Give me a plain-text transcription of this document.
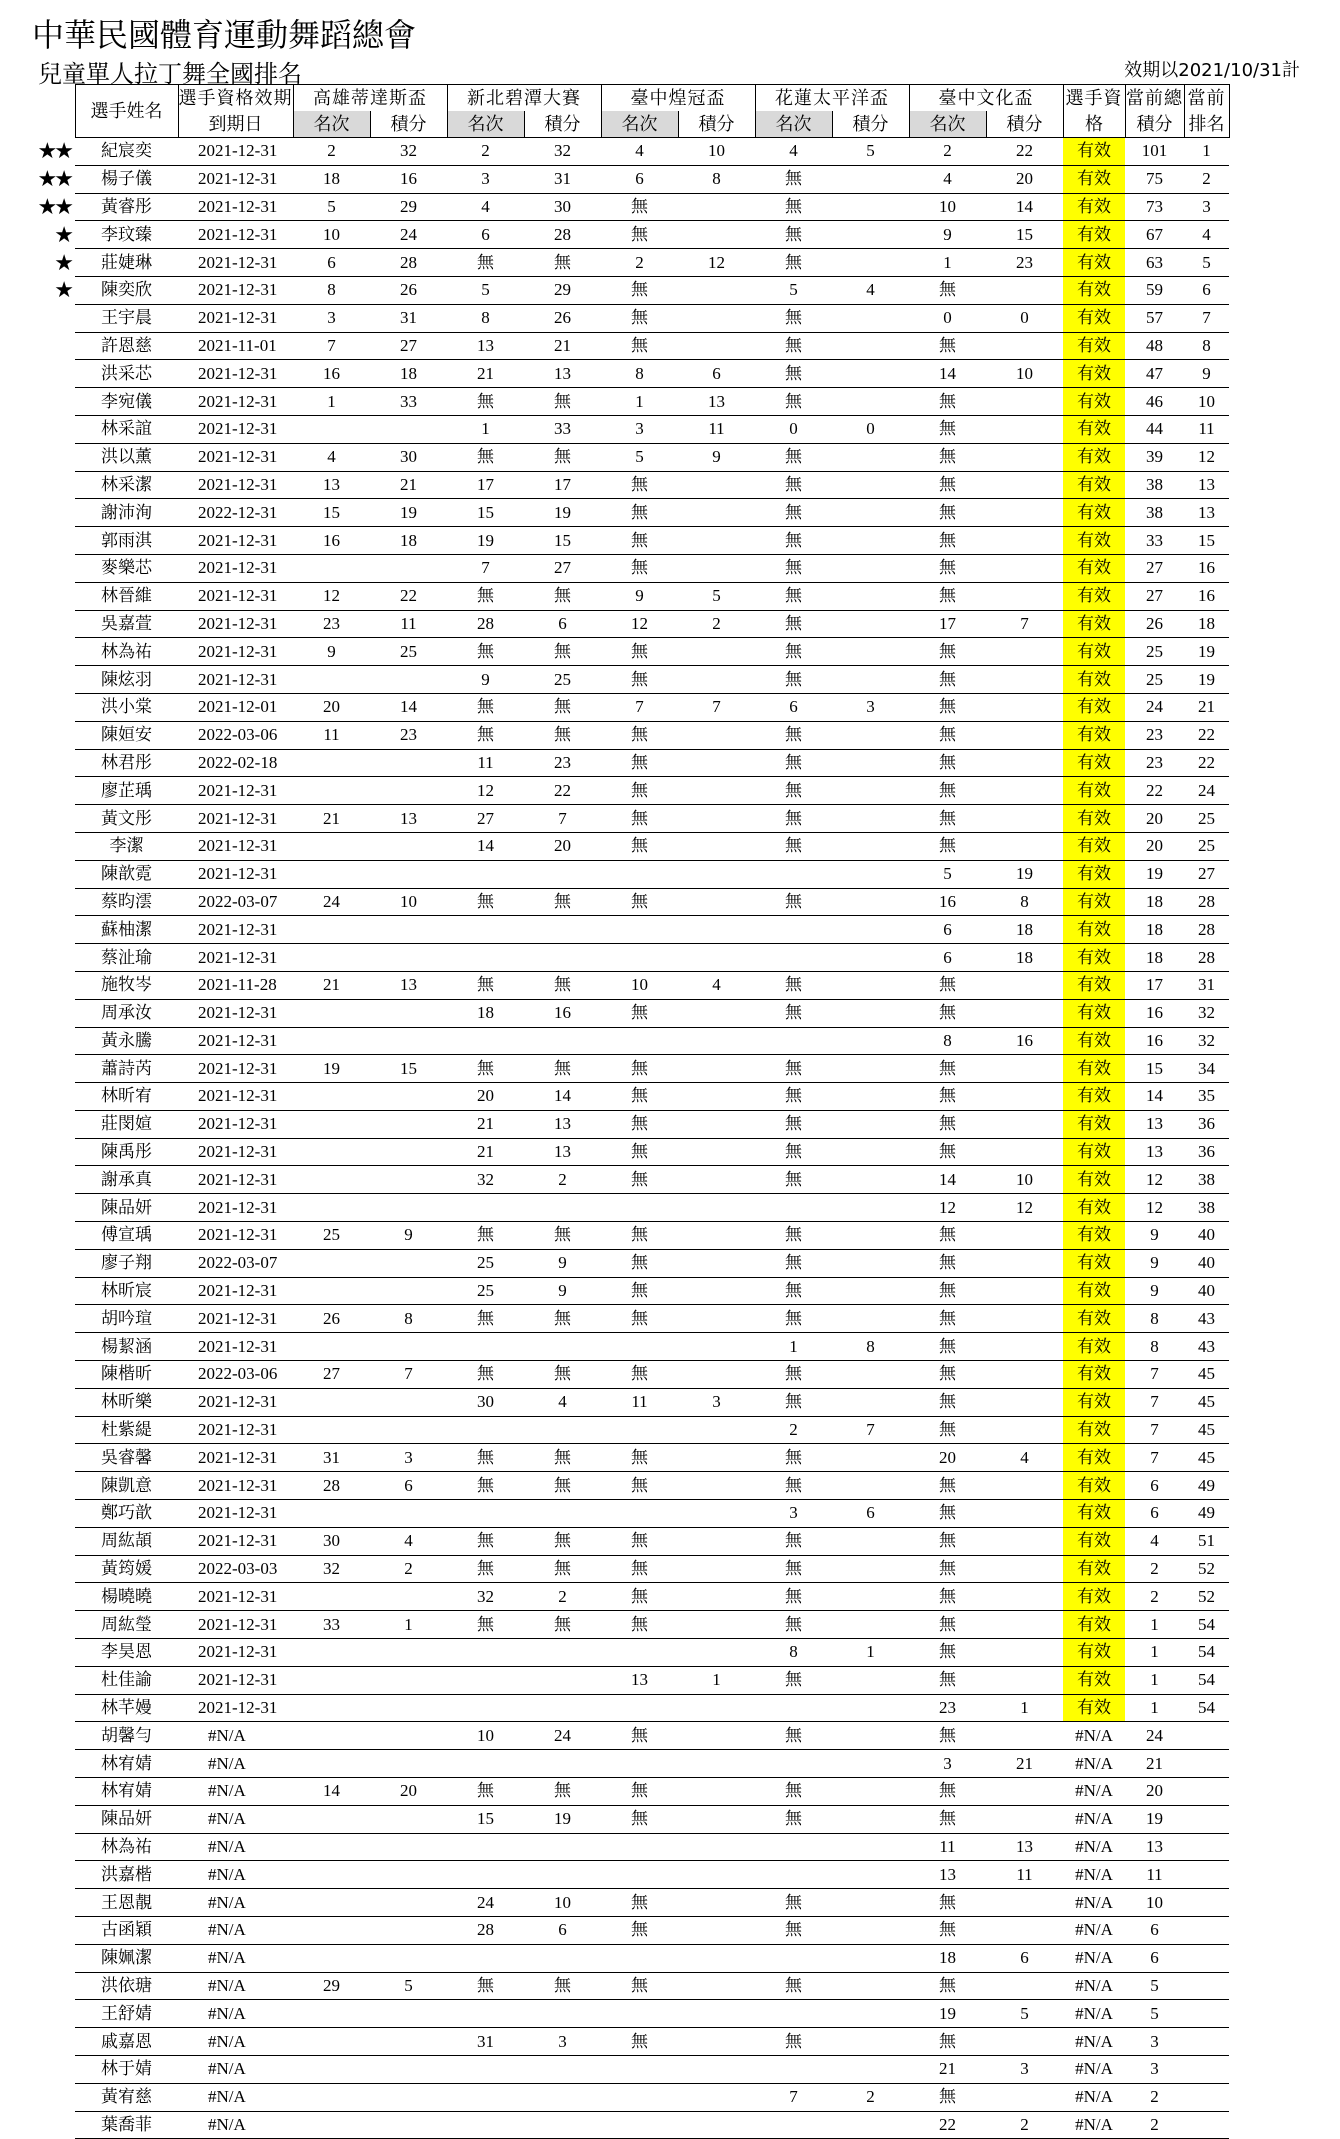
中華民國體育運動舞蹈總會
兒童單人拉丁舞全國排名	效期以2021/10/31計
	選手姓名	選手資格效期	高雄蒂達斯盃		新北碧潭大賽		臺中煌冠盃		花蓮太平洋盃		臺中文化盃		選手資	當前總	當前
		到期日	名次	積分	名次	積分	名次	積分	名次	積分	名次	積分	格	積分	排名
★★	紀宸奕	2021-12-31	2	32	2	32	4	10	4	5	2	22	有效	101	1
★★	楊子儀	2021-12-31	18	16	3	31	6	8	無		4	20	有效	75	2
★★	黃睿彤	2021-12-31	5	29	4	30	無		無		10	14	有效	73	3
★	李玟臻	2021-12-31	10	24	6	28	無		無		9	15	有效	67	4
★	莊婕琳	2021-12-31	6	28	無	無	2	12	無		1	23	有效	63	5
★	陳奕欣	2021-12-31	8	26	5	29	無		5	4	無		有效	59	6
	王宇晨	2021-12-31	3	31	8	26	無		無		0	0	有效	57	7
	許恩慈	2021-11-01	7	27	13	21	無		無		無		有效	48	8
	洪采芯	2021-12-31	16	18	21	13	8	6	無		14	10	有效	47	9
	李宛儀	2021-12-31	1	33	無	無	1	13	無		無		有效	46	10
	林采誼	2021-12-31			1	33	3	11	0	0	無		有效	44	11
	洪以薰	2021-12-31	4	30	無	無	5	9	無		無		有效	39	12
	林采潔	2021-12-31	13	21	17	17	無		無		無		有效	38	13
	謝沛洵	2022-12-31	15	19	15	19	無		無		無		有效	38	13
	郭雨淇	2021-12-31	16	18	19	15	無		無		無		有效	33	15
	麥樂芯	2021-12-31			7	27	無		無		無		有效	27	16
	林晉維	2021-12-31	12	22	無	無	9	5	無		無		有效	27	16
	吳嘉萱	2021-12-31	23	11	28	6	12	2	無		17	7	有效	26	18
	林為祐	2021-12-31	9	25	無	無	無		無		無		有效	25	19
	陳炫羽	2021-12-31			9	25	無		無		無		有效	25	19
	洪小棠	2021-12-01	20	14	無	無	7	7	6	3	無		有效	24	21
	陳姮安	2022-03-06	11	23	無	無	無		無		無		有效	23	22
	林君彤	2022-02-18			11	23	無		無		無		有效	23	22
	廖芷瑀	2021-12-31			12	22	無		無		無		有效	22	24
	黃文彤	2021-12-31	21	13	27	7	無		無		無		有效	20	25
	李潔	2021-12-31			14	20	無		無		無		有效	20	25
	陳歆霓	2021-12-31									5	19	有效	19	27
	蔡昀澐	2022-03-07	24	10	無	無	無		無		16	8	有效	18	28
	蘇柚潔	2021-12-31									6	18	有效	18	28
	蔡沚瑜	2021-12-31									6	18	有效	18	28
	施牧岑	2021-11-28	21	13	無	無	10	4	無		無		有效	17	31
	周承汝	2021-12-31			18	16	無		無		無		有效	16	32
	黃永騰	2021-12-31									8	16	有效	16	32
	蕭詩芮	2021-12-31	19	15	無	無	無		無		無		有效	15	34
	林昕宥	2021-12-31			20	14	無		無		無		有效	14	35
	莊閔媗	2021-12-31			21	13	無		無		無		有效	13	36
	陳禹彤	2021-12-31			21	13	無		無		無		有效	13	36
	謝承真	2021-12-31			32	2	無		無		14	10	有效	12	38
	陳品妍	2021-12-31									12	12	有效	12	38
	傅宣瑀	2021-12-31	25	9	無	無	無		無		無		有效	9	40
	廖子翔	2022-03-07			25	9	無		無		無		有效	9	40
	林昕宸	2021-12-31			25	9	無		無		無		有效	9	40
	胡吟瑄	2021-12-31	26	8	無	無	無		無		無		有效	8	43
	楊絜涵	2021-12-31							1	8	無		有效	8	43
	陳楷昕	2022-03-06	27	7	無	無	無		無		無		有效	7	45
	林昕樂	2021-12-31			30	4	11	3	無		無		有效	7	45
	杜紫緹	2021-12-31							2	7	無		有效	7	45
	吳睿馨	2021-12-31	31	3	無	無	無		無		20	4	有效	7	45
	陳凱意	2021-12-31	28	6	無	無	無		無		無		有效	6	49
	鄭巧歆	2021-12-31							3	6	無		有效	6	49
	周紘頡	2021-12-31	30	4	無	無	無		無		無		有效	4	51
	黃筠媛	2022-03-03	32	2	無	無	無		無		無		有效	2	52
	楊曉曉	2021-12-31			32	2	無		無		無		有效	2	52
	周紘瑩	2021-12-31	33	1	無	無	無		無		無		有效	1	54
	李昊恩	2021-12-31							8	1	無		有效	1	54
	杜佳諭	2021-12-31					13	1	無		無		有效	1	54
	林芊嫚	2021-12-31									23	1	有效	1	54
	胡馨勻	#N/A			10	24	無		無		無		#N/A	24	
	林宥婧	#N/A									3	21	#N/A	21	
	林宥婧	#N/A	14	20	無	無	無		無		無		#N/A	20	
	陳品妍	#N/A			15	19	無		無		無		#N/A	19	
	林為祐	#N/A									11	13	#N/A	13	
	洪嘉楷	#N/A									13	11	#N/A	11	
	王恩靚	#N/A			24	10	無		無		無		#N/A	10	
	古函穎	#N/A			28	6	無		無		無		#N/A	6	
	陳姵潔	#N/A									18	6	#N/A	6	
	洪依瑭	#N/A	29	5	無	無	無		無		無		#N/A	5	
	王舒婧	#N/A									19	5	#N/A	5	
	戚嘉恩	#N/A			31	3	無		無		無		#N/A	3	
	林于婧	#N/A									21	3	#N/A	3	
	黃宥慈	#N/A							7	2	無		#N/A	2	
	葉喬菲	#N/A									22	2	#N/A	2	
